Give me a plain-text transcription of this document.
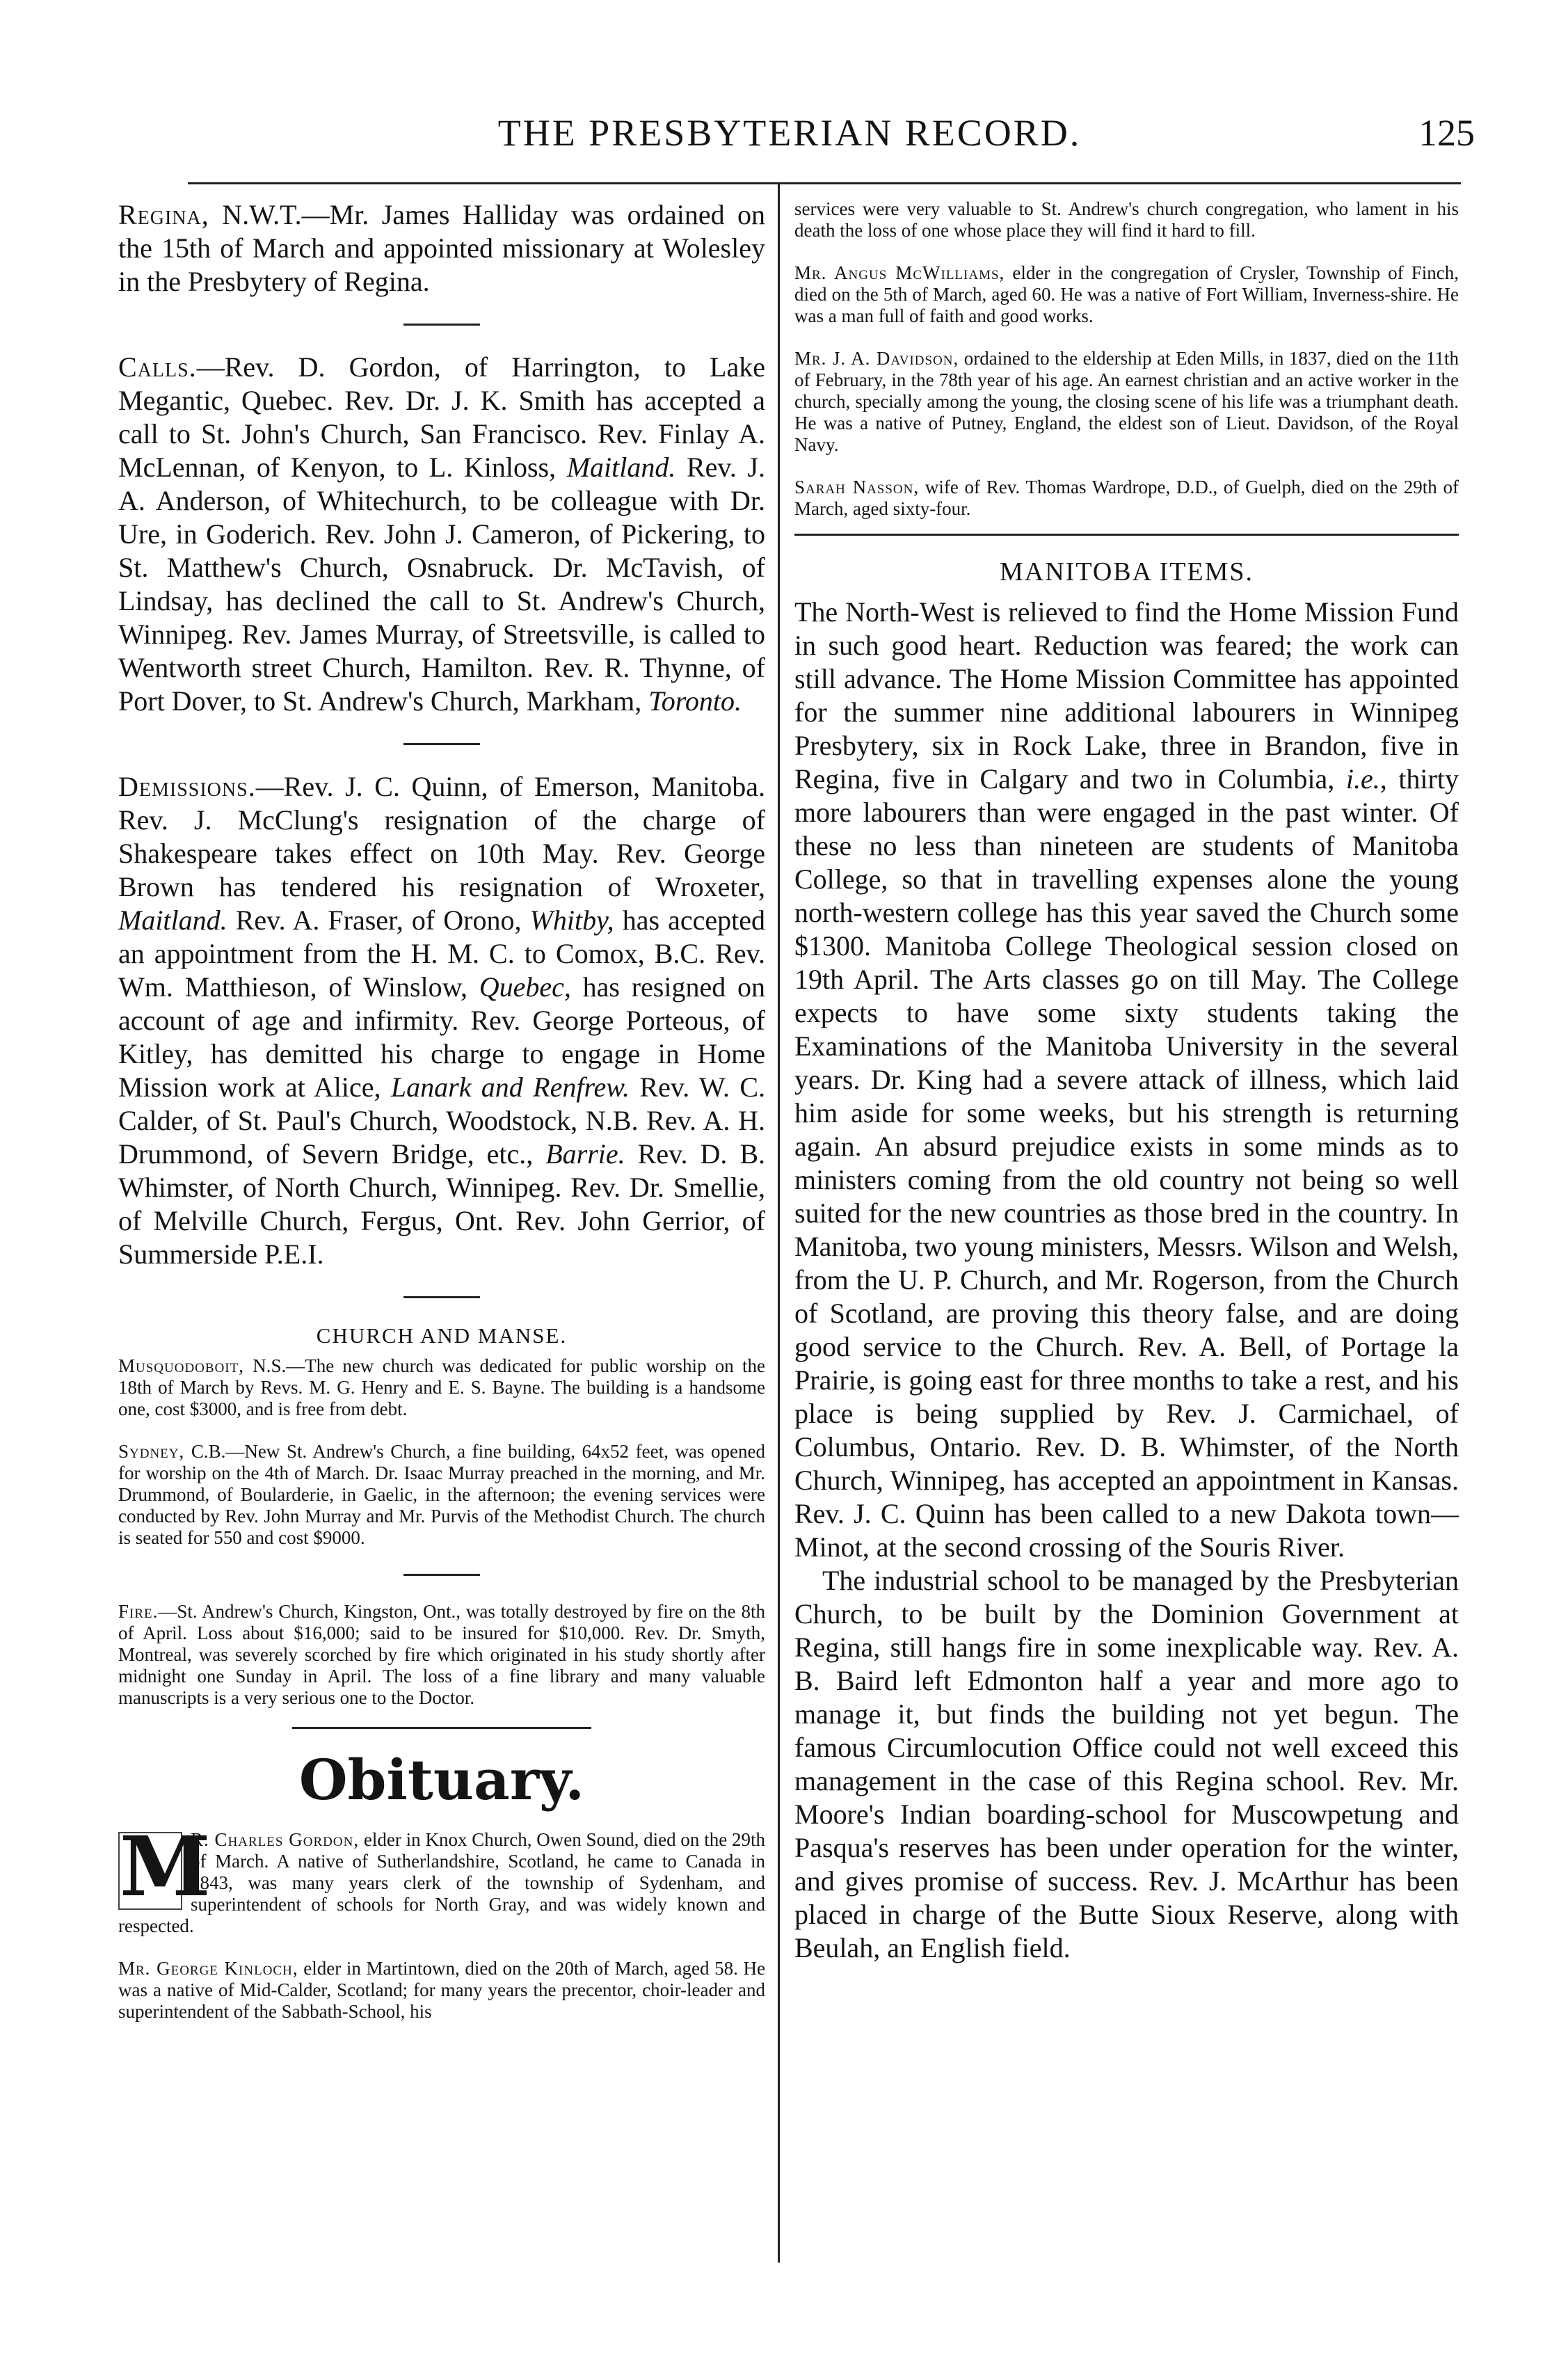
THE PRESBYTERIAN RECORD.	125

Regina, N.W.T.—Mr. James Halliday was ordained on the 15th of March and appointed missionary at Wolesley in the Presbytery of Regina.

Calls.—Rev. D. Gordon, of Harrington, to Lake Megantic, Quebec. Rev. Dr. J. K. Smith has accepted a call to St. John's Church, San Francisco. Rev. Finlay A. McLennan, of Kenyon, to L. Kinloss, Maitland. Rev. J. A. Anderson, of Whitechurch, to be colleague with Dr. Ure, in Goderich. Rev. John J. Cameron, of Pickering, to St. Matthew's Church, Osnabruck. Dr. McTavish, of Lindsay, has declined the call to St. Andrew's Church, Winnipeg. Rev. James Murray, of Streetsville, is called to Wentworth street Church, Hamilton. Rev. R. Thynne, of Port Dover, to St. Andrew's Church, Markham, Toronto.

Demissions.—Rev. J. C. Quinn, of Emerson, Manitoba. Rev. J. McClung's resignation of the charge of Shakespeare takes effect on 10th May. Rev. George Brown has tendered his resignation of Wroxeter, Maitland. Rev. A. Fraser, of Orono, Whitby, has accepted an appointment from the H. M. C. to Comox, B.C. Rev. Wm. Matthieson, of Winslow, Quebec, has resigned on account of age and infirmity. Rev. George Porteous, of Kitley, has demitted his charge to engage in Home Mission work at Alice, Lanark and Renfrew. Rev. W. C. Calder, of St. Paul's Church, Woodstock, N.B. Rev. A. H. Drummond, of Severn Bridge, etc., Barrie. Rev. D. B. Whimster, of North Church, Winnipeg. Rev. Dr. Smellie, of Melville Church, Fergus, Ont. Rev. John Gerrior, of Summerside P.E.I.

CHURCH AND MANSE.

Musquodoboit, N.S.—The new church was dedicated for public worship on the 18th of March by Revs. M. G. Henry and E. S. Bayne. The building is a handsome one, cost $3000, and is free from debt.

Sydney, C.B.—New St. Andrew's Church, a fine building, 64x52 feet, was opened for worship on the 4th of March. Dr. Isaac Murray preached in the morning, and Mr. Drummond, of Boularderie, in Gaelic, in the afternoon; the evening services were conducted by Rev. John Murray and Mr. Purvis of the Methodist Church. The church is seated for 550 and cost $9000.

Fire.—St. Andrew's Church, Kingston, Ont., was totally destroyed by fire on the 8th of April. Loss about $16,000; said to be insured for $10,000. Rev. Dr. Smyth, Montreal, was severely scorched by fire which originated in his study shortly after midnight one Sunday in April. The loss of a fine library and many valuable manuscripts is a very serious one to the Doctor.

Obituary.

M
R. Charles Gordon, elder in Knox Church, Owen Sound, died on the 29th of March. A native of Sutherlandshire, Scotland, he came to Canada in 1843, was many years clerk of the township of Sydenham, and superintendent of schools for North Gray, and was widely known and respected.

Mr. George Kinloch, elder in Martintown, died on the 20th of March, aged 58. He was a native of Mid-Calder, Scotland; for many years the precentor, choir-leader and superintendent of the Sabbath-School, his

services were very valuable to St. Andrew's church congregation, who lament in his death the loss of one whose place they will find it hard to fill.

Mr. Angus McWilliams, elder in the congregation of Crysler, Township of Finch, died on the 5th of March, aged 60. He was a native of Fort William, Inverness-shire. He was a man full of faith and good works.

Mr. J. A. Davidson, ordained to the eldership at Eden Mills, in 1837, died on the 11th of February, in the 78th year of his age. An earnest christian and an active worker in the church, specially among the young, the closing scene of his life was a triumphant death. He was a native of Putney, England, the eldest son of Lieut. Davidson, of the Royal Navy.

Sarah Nasson, wife of Rev. Thomas Wardrope, D.D., of Guelph, died on the 29th of March, aged sixty-four.

MANITOBA ITEMS.

The North-West is relieved to find the Home Mission Fund in such good heart. Reduction was feared; the work can still advance. The Home Mission Committee has appointed for the summer nine additional labourers in Winnipeg Presbytery, six in Rock Lake, three in Brandon, five in Regina, five in Calgary and two in Columbia, i.e., thirty more labourers than were engaged in the past winter. Of these no less than nineteen are students of Manitoba College, so that in travelling expenses alone the young north-western college has this year saved the Church some $1300. Manitoba College Theological session closed on 19th April. The Arts classes go on till May. The College expects to have some sixty students taking the Examinations of the Manitoba University in the several years. Dr. King had a severe attack of illness, which laid him aside for some weeks, but his strength is returning again. An absurd prejudice exists in some minds as to ministers coming from the old country not being so well suited for the new countries as those bred in the country. In Manitoba, two young ministers, Messrs. Wilson and Welsh, from the U. P. Church, and Mr. Rogerson, from the Church of Scotland, are proving this theory false, and are doing good service to the Church. Rev. A. Bell, of Portage la Prairie, is going east for three months to take a rest, and his place is being supplied by Rev. J. Carmichael, of Columbus, Ontario. Rev. D. B. Whimster, of the North Church, Winnipeg, has accepted an appointment in Kansas. Rev. J. C. Quinn has been called to a new Dakota town—Minot, at the second crossing of the Souris River.

The industrial school to be managed by the Presbyterian Church, to be built by the Dominion Government at Regina, still hangs fire in some inexplicable way. Rev. A. B. Baird left Edmonton half a year and more ago to manage it, but finds the building not yet begun. The famous Circumlocution Office could not well exceed this management in the case of this Regina school. Rev. Mr. Moore's Indian boarding-school for Muscowpetung and Pasqua's reserves has been under operation for the winter, and gives promise of success. Rev. J. McArthur has been placed in charge of the Butte Sioux Reserve, along with Beulah, an English field.
